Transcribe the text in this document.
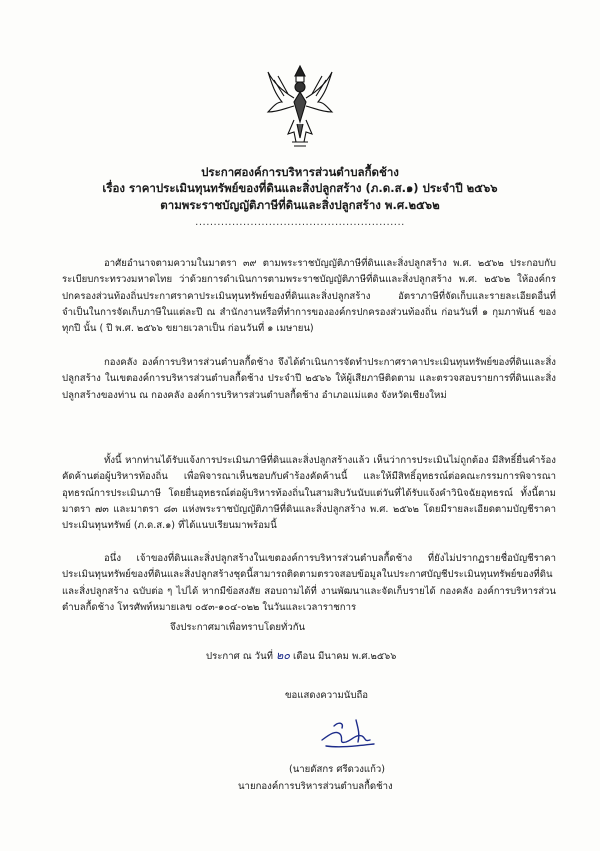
ประกาศองค์การบริหารส่วนตำบลกื้ดช้าง
เรื่อง ราคาประเมินทุนทรัพย์ของที่ดินและสิ่งปลูกสร้าง (ภ.ด.ส.๑) ประจำปี ๒๕๖๖
ตามพระราชบัญญัติภาษีที่ดินและสิ่งปลูกสร้าง พ.ศ.๒๕๖๒
.........................................................
อาศัยอำนาจตามความในมาตรา ๓๙ ตามพระราชบัญญัติภาษีที่ดินและสิ่งปลูกสร้าง พ.ศ. ๒๕๖๒ ประกอบกับระเบียบกระทรวงมหาดไทย ว่าด้วยการดำเนินการตามพระราชบัญญัติภาษีที่ดินและสิ่งปลูกสร้าง พ.ศ. ๒๕๖๒ ให้องค์กรปกครองส่วนท้องถิ่นประกาศราคาประเมินทุนทรัพย์ของที่ดินและสิ่งปลูกสร้าง อัตราภาษีที่จัดเก็บและรายละเอียดอื่นที่จำเป็นในการจัดเก็บภาษีในแต่ละปี ณ สำนักงานหรือที่ทำการขององค์กรปกครองส่วนท้องถิ่น ก่อนวันที่ ๑ กุมภาพันธ์ ของทุกปี นั้น ( ปี พ.ศ. ๒๕๖๖ ขยายเวลาเป็น ก่อนวันที่ ๑ เมษายน)
กองคลัง องค์การบริหารส่วนตำบลกื้ดช้าง จึงได้ดำเนินการจัดทำประกาศราคาประเมินทุนทรัพย์ของที่ดินและสิ่งปลูกสร้าง ในเขตองค์การบริหารส่วนตำบลกื้ดช้าง ประจำปี ๒๕๖๖ ให้ผู้เสียภาษีติดตาม และตรวจสอบรายการที่ดินและสิ่งปลูกสร้างของท่าน ณ กองคลัง องค์การบริหารส่วนตำบลกื้ดช้าง อำเภอแม่แตง จังหวัดเชียงใหม่
ทั้งนี้ หากท่านได้รับแจ้งการประเมินภาษีที่ดินและสิ่งปลูกสร้างแล้ว เห็นว่าการประเมินไม่ถูกต้อง มีสิทธิ์ยื่นคำร้องคัดค้านต่อผู้บริหารท้องถิ่น เพื่อพิจารณาเห็นชอบกับคำร้องคัดค้านนี้ และให้มีสิทธิ์อุทธรณ์ต่อคณะกรรมการพิจารณาอุทธรณ์การประเมินภาษี โดยยื่นอุทธรณ์ต่อผู้บริหารท้องถิ่นในสามสิบวันนับแต่วันที่ได้รับแจ้งคำวินิจฉัยอุทธรณ์ ทั้งนี้ตามมาตรา ๗๓ และมาตรา ๘๓ แห่งพระราชบัญญัติภาษีที่ดินและสิ่งปลูกสร้าง พ.ศ. ๒๕๖๒ โดยมีรายละเอียดตามบัญชีราคาประเมินทุนทรัพย์ (ภ.ด.ส.๑) ที่ได้แนบเรียนมาพร้อมนี้
อนึ่ง เจ้าของที่ดินและสิ่งปลูกสร้างในเขตองค์การบริหารส่วนตำบลกื้ดช้าง ที่ยังไม่ปรากฏรายชื่อบัญชีราคาประเมินทุนทรัพย์ของที่ดินและสิ่งปลูกสร้างชุดนี้สามารถติดตามตรวจสอบข้อมูลในประกาศบัญชีประเมินทุนทรัพย์ของที่ดินและสิ่งปลูกสร้าง ฉบับต่อ ๆ ไปได้ หากมีข้อสงสัย สอบถามได้ที่ งานพัฒนาและจัดเก็บรายได้ กองคลัง องค์การบริหารส่วนตำบลกื้ดช้าง โทรศัพท์หมายเลข ๐๕๓-๑๐๔-๐๒๒ ในวันและเวลาราชการ
จึงประกาศมาเพื่อทราบโดยทั่วกัน
ประกาศ ณ วันที่ ๒๐ เดือน มีนาคม พ.ศ.๒๕๖๖
ขอแสดงความนับถือ
(นายดัสกร ศรีดวงแก้ว)
นายกองค์การบริหารส่วนตำบลกื้ดช้าง
